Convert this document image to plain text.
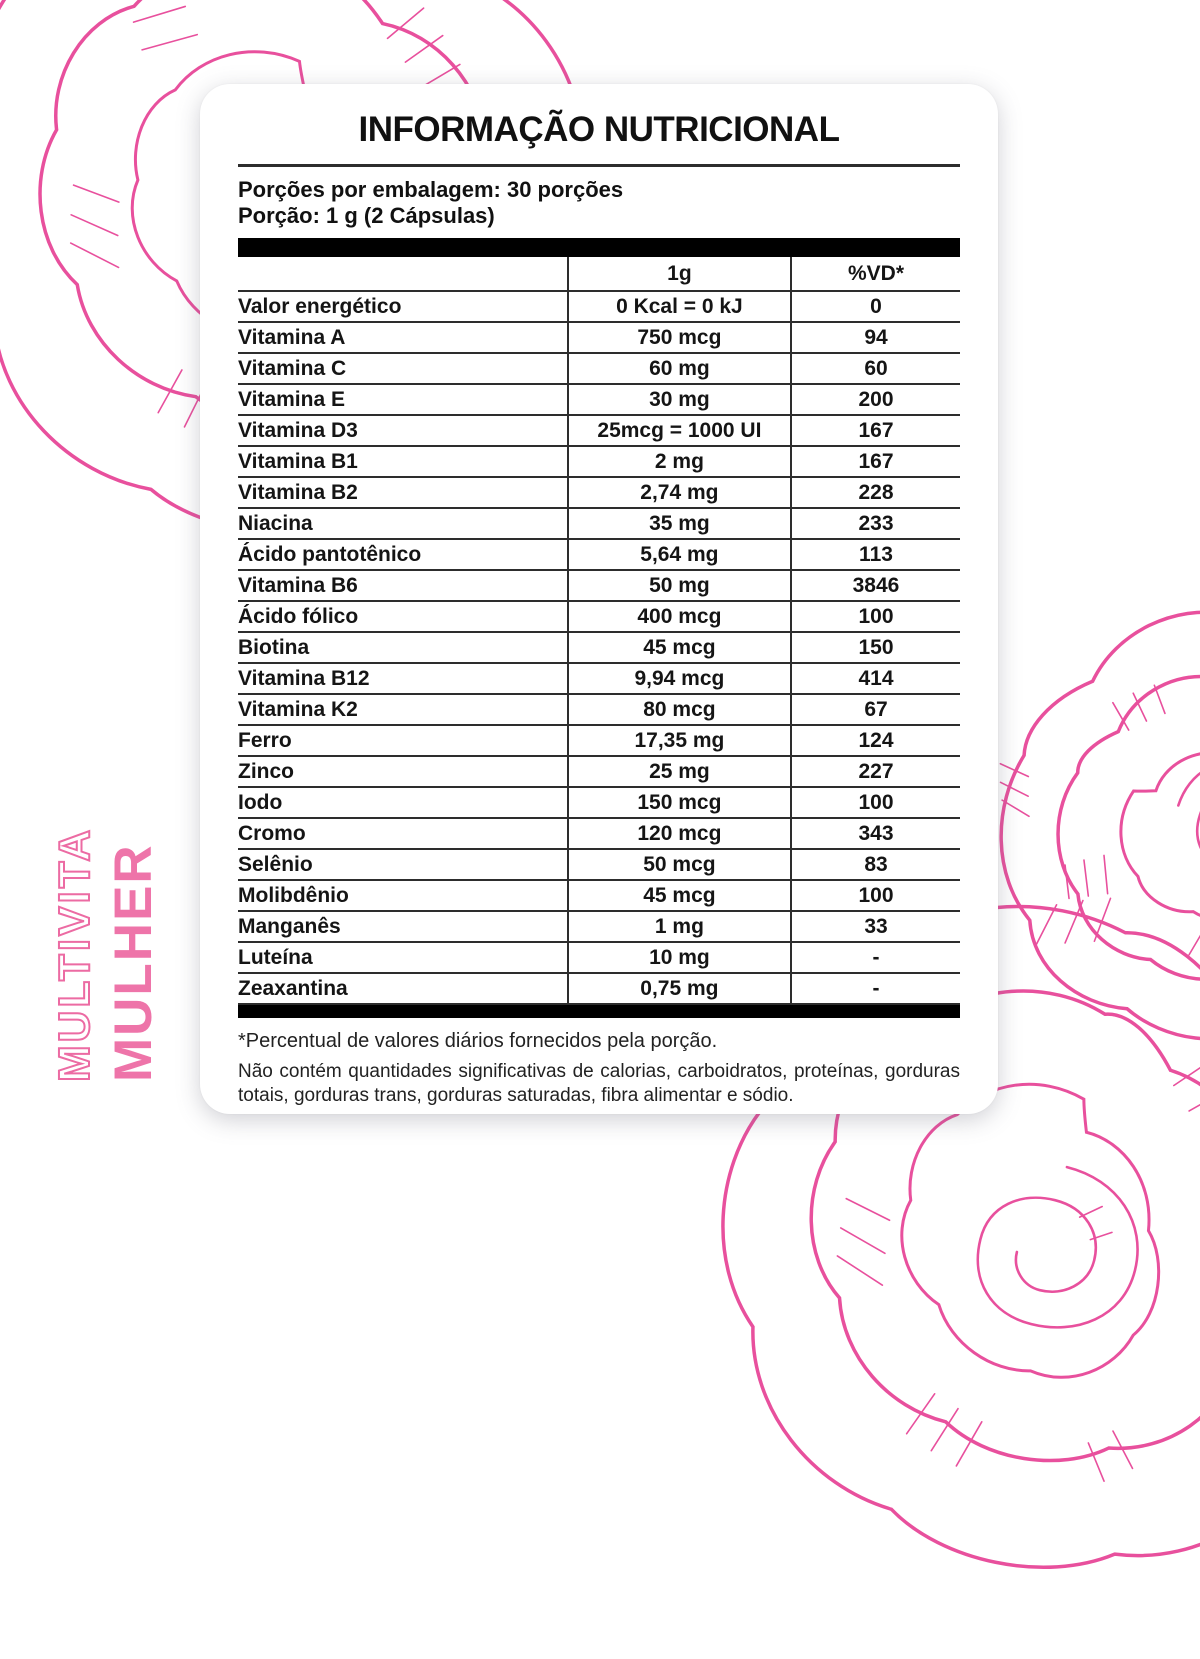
MULTIVITA MULHER
INFORMAÇÃO NUTRICIONAL
Porções por embalagem: 30 porções
Porção: 1 g (2 Cápsulas)
	1g	%VD*
Valor energético	0 Kcal = 0 kJ	0
Vitamina A	750 mcg	94
Vitamina C	60 mg	60
Vitamina E	30 mg	200
Vitamina D3	25mcg = 1000 UI	167
Vitamina B1	2 mg	167
Vitamina B2	2,74 mg	228
Niacina	35 mg	233
Ácido pantotênico	5,64 mg	113
Vitamina B6	50 mg	3846
Ácido fólico	400 mcg	100
Biotina	45 mcg	150
Vitamina B12	9,94 mcg	414
Vitamina K2	80 mcg	67
Ferro	17,35 mg	124
Zinco	25 mg	227
Iodo	150 mcg	100
Cromo	120 mcg	343
Selênio	50 mcg	83
Molibdênio	45 mcg	100
Manganês	1 mg	33
Luteína	10 mg	-
Zeaxantina	0,75 mg	-

*Percentual de valores diários fornecidos pela porção.

Não contém quantidades significativas de calorias, carboidratos, proteínas, gorduras totais, gorduras trans, gorduras saturadas, fibra alimentar e sódio.
